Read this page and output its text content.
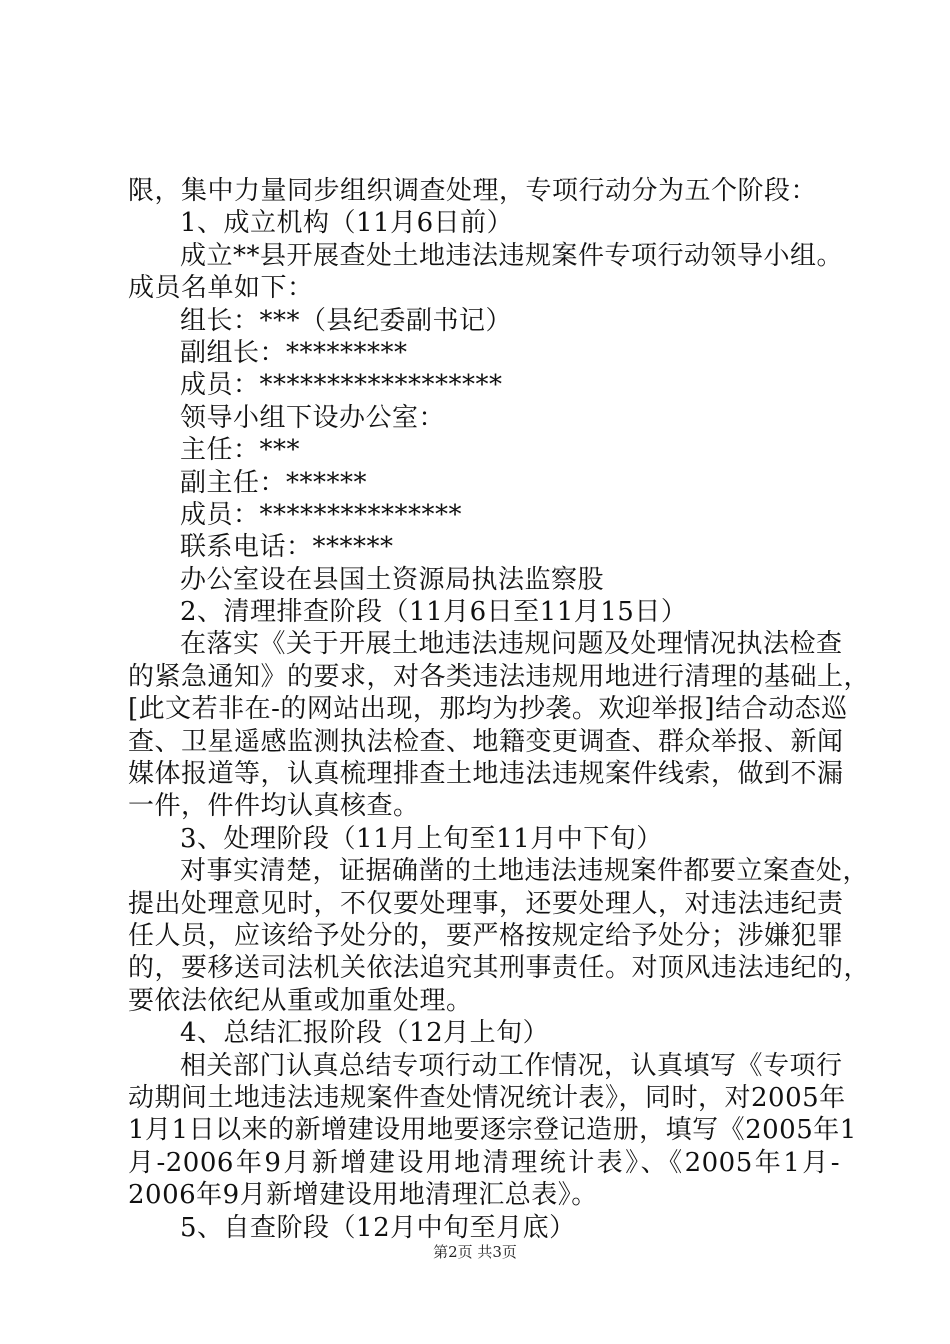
限，集中力量同步组织调查处理，专项行动分为五个阶段：
1、成立机构（11月6日前）
成立**县开展查处土地违法违规案件专项行动领导小组。
成员名单如下：
组长：***（县纪委副书记）
副组长：*********
成员：******************
领导小组下设办公室：
主任：***
副主任：******
成员：***************
联系电话：******
办公室设在县国土资源局执法监察股
2、清理排查阶段（11月6日至11月15日）
在落实《关于开展土地违法违规问题及处理情况执法检查
的紧急通知》的要求，对各类违法违规用地进行清理的基础上，
[此文若非在-的网站出现，那均为抄袭。欢迎举报]结合动态巡
查、卫星遥感监测执法检查、地籍变更调查、群众举报、新闻
媒体报道等，认真梳理排查土地违法违规案件线索，做到不漏
一件，件件均认真核查。
3、处理阶段（11月上旬至11月中下旬）
对事实清楚，证据确凿的土地违法违规案件都要立案查处，
提出处理意见时，不仅要处理事，还要处理人，对违法违纪责
任人员，应该给予处分的，要严格按规定给予处分；涉嫌犯罪
的，要移送司法机关依法追究其刑事责任。对顶风违法违纪的，
要依法依纪从重或加重处理。
4、总结汇报阶段（12月上旬）
相关部门认真总结专项行动工作情况，认真填写《专项行
动期间土地违法违规案件查处情况统计表》，同时，对2005年
1月1日以来的新增建设用地要逐宗登记造册，填写《2005年1
月-2006年9月新增建设用地清理统计表》、《2005年1月-
2006年9月新增建设用地清理汇总表》。
5、自查阶段（12月中旬至月底）
第2页 共3页
